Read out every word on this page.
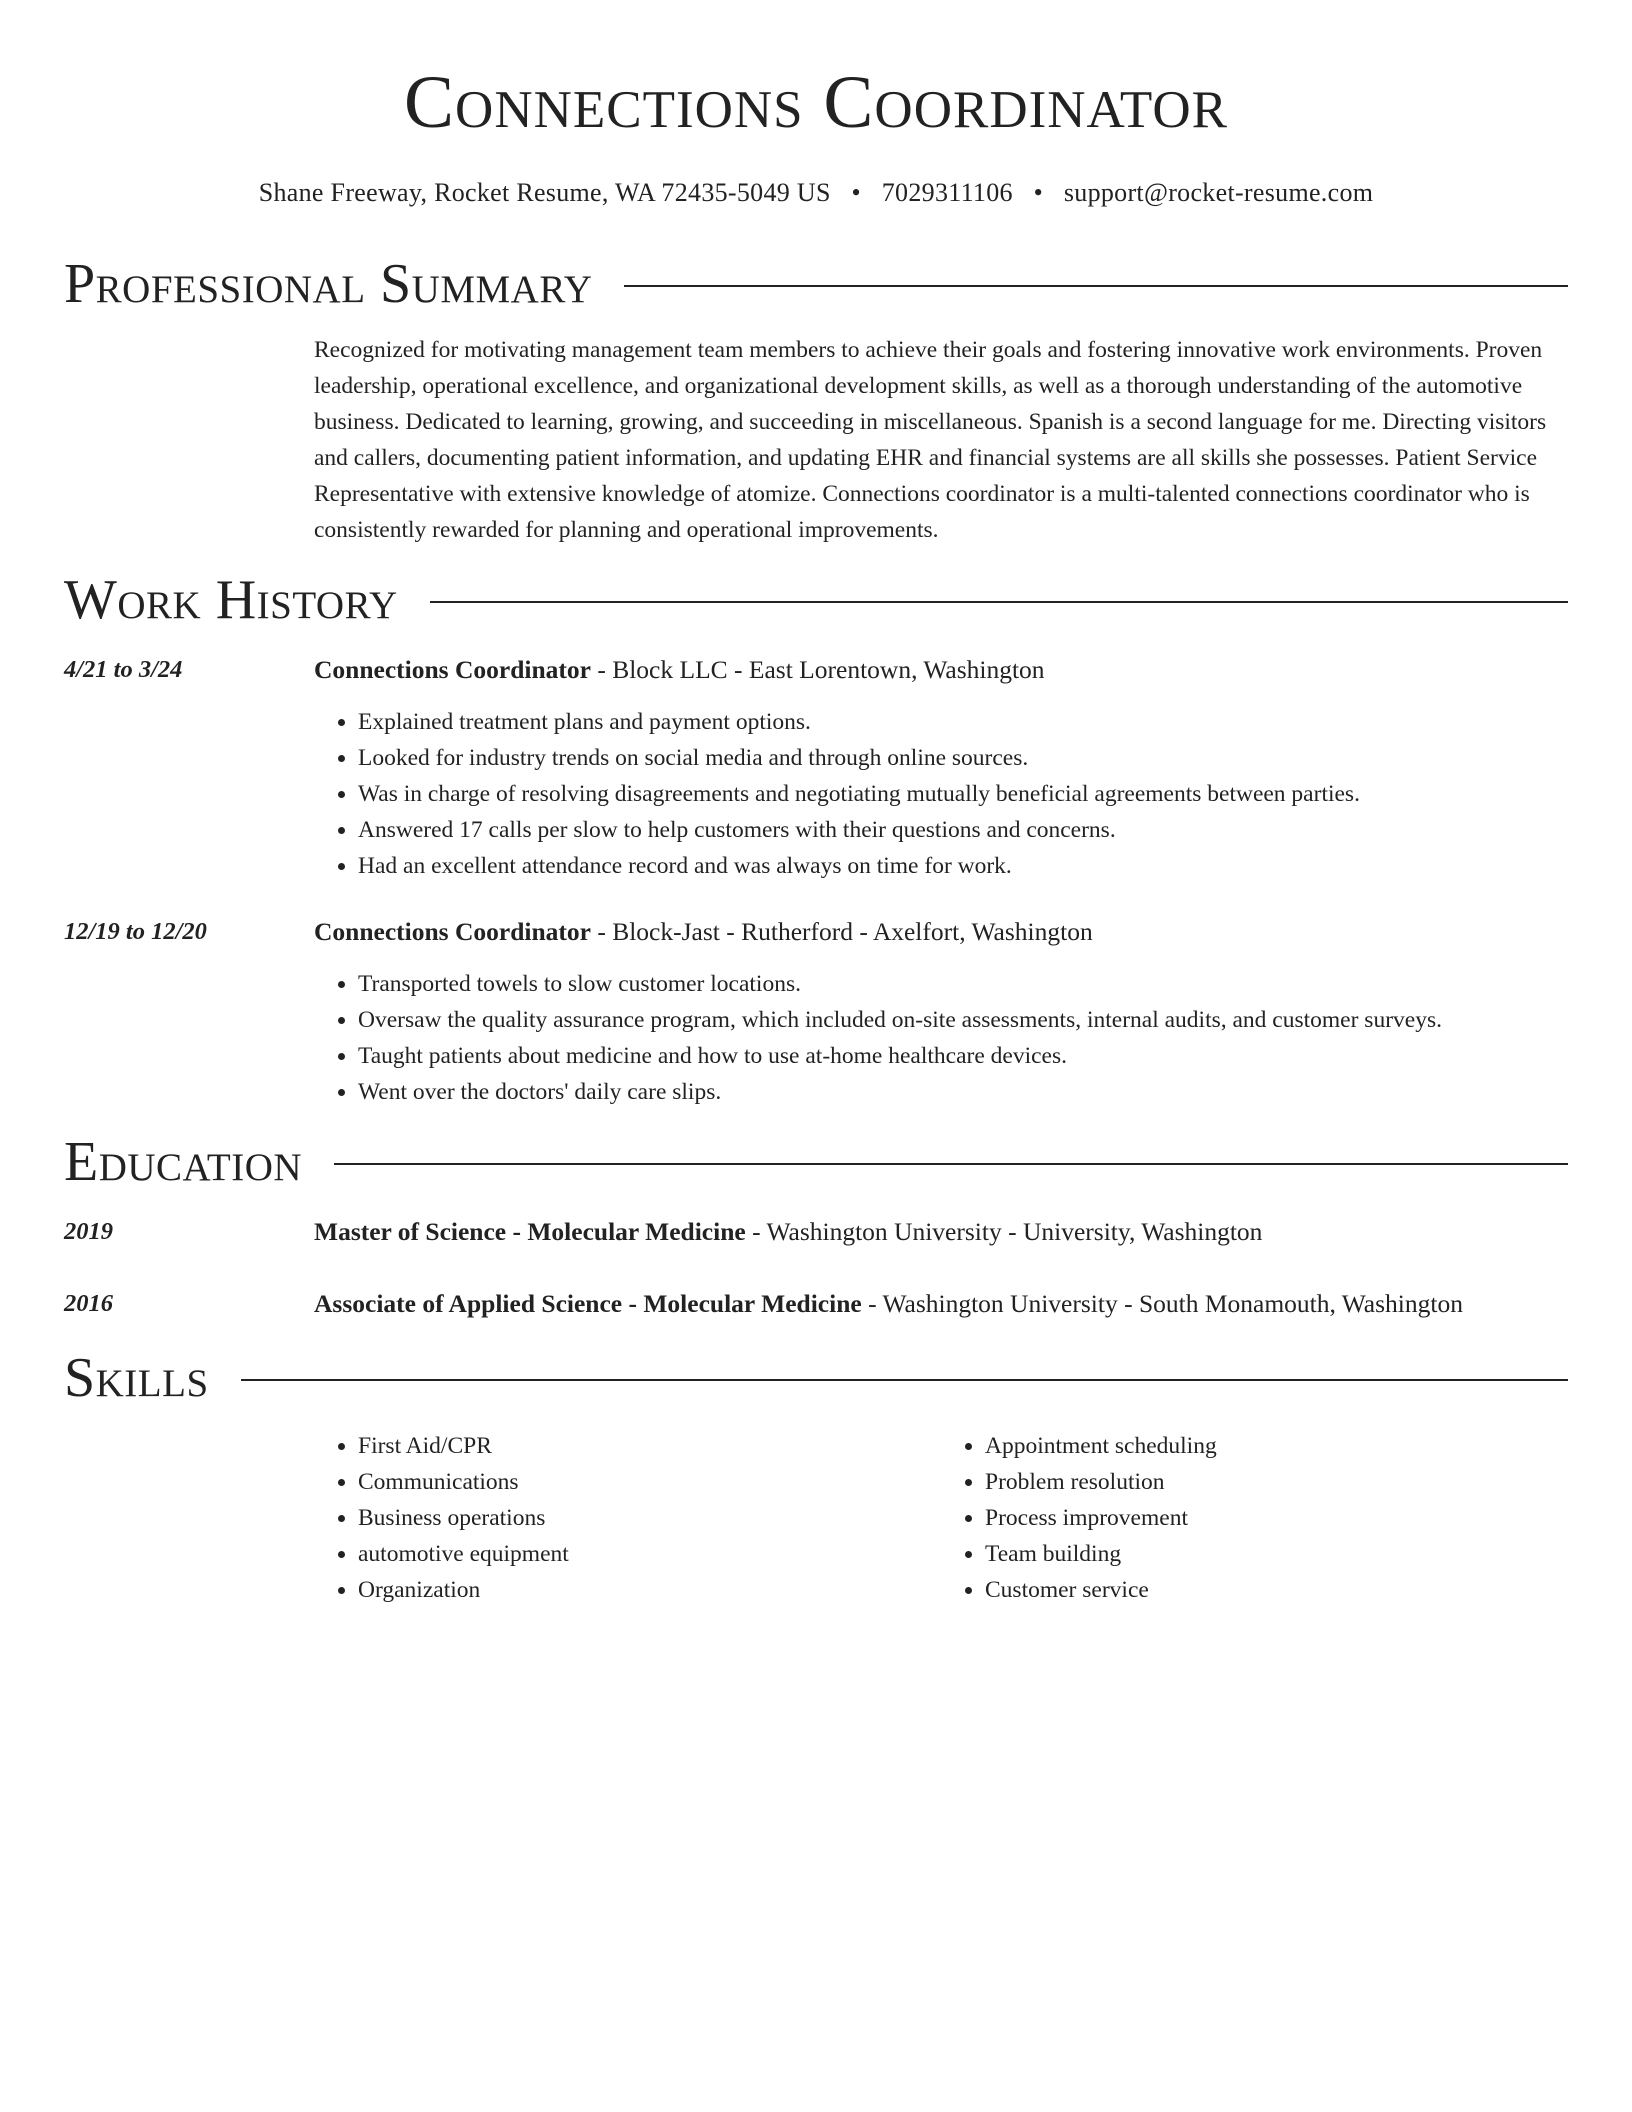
Connections Coordinator
Shane Freeway, Rocket Resume, WA 72435-5049 US • 7029311106 • support@rocket-resume.com
Professional Summary

Recognized for motivating management team members to achieve their goals and fostering innovative work environments. Proven leadership, operational excellence, and organizational development skills, as well as a thorough understanding of the automotive business. Dedicated to learning, growing, and succeeding in miscellaneous. Spanish is a second language for me. Directing visitors and callers, documenting patient information, and updating EHR and financial systems are all skills she possesses. Patient Service Representative with extensive knowledge of atomize. Connections coordinator is a multi-talented connections coordinator who is consistently rewarded for planning and operational improvements.

Work History
4/21 to 3/24	Connections Coordinator - Block LLC - East Lorentown, Washington
• Explained treatment plans and payment options.
• Looked for industry trends on social media and through online sources.
• Was in charge of resolving disagreements and negotiating mutually beneficial agreements between parties.
• Answered 17 calls per slow to help customers with their questions and concerns.
• Had an excellent attendance record and was always on time for work.
12/19 to 12/20	Connections Coordinator - Block-Jast - Rutherford - Axelfort, Washington
• Transported towels to slow customer locations.
• Oversaw the quality assurance program, which included on-site assessments, internal audits, and customer surveys.
• Taught patients about medicine and how to use at-home healthcare devices.
• Went over the doctors' daily care slips.
Education
2019	Master of Science - Molecular Medicine - Washington University - University, Washington
2016	Associate of Applied Science - Molecular Medicine - Washington University - South Monamouth, Washington
Skills
• First Aid/CPR
• Communications
• Business operations
• automotive equipment
• Organization
• Appointment scheduling
• Problem resolution
• Process improvement
• Team building
• Customer service
